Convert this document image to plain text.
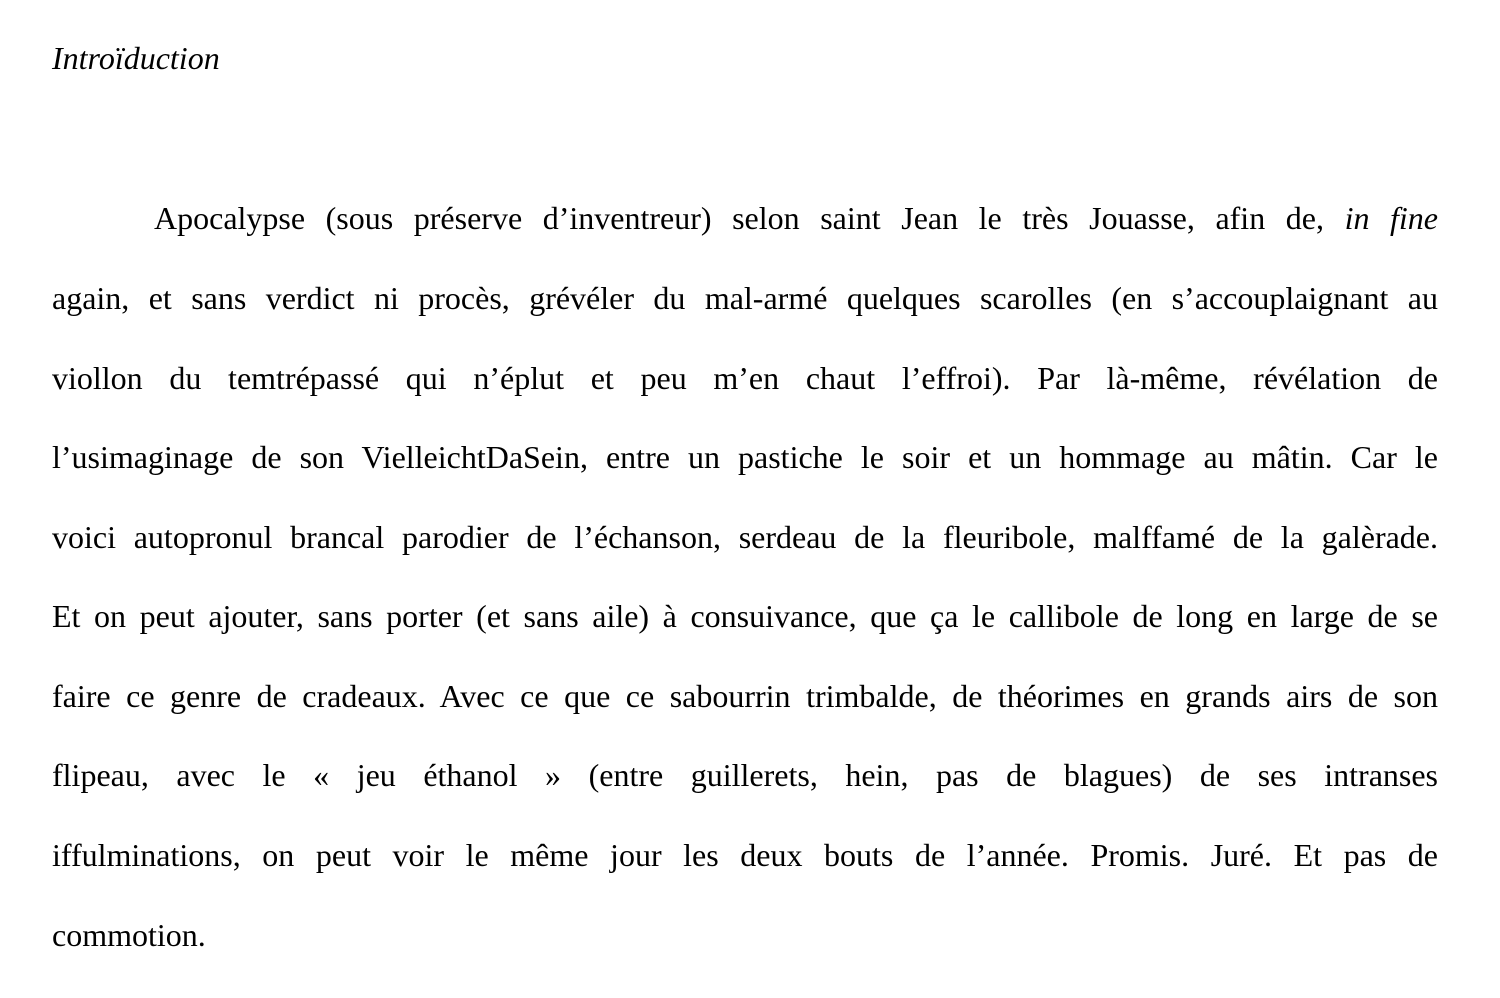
Introïduction
Apocalypse (sous préserve d’inventreur) selon saint Jean le très Jouasse, afin de, in fine
again, et sans verdict ni procès, grévéler du mal-armé quelques scarolles (en s’accouplaignant au
viollon du temtrépassé qui n’éplut et peu m’en chaut l’effroi). Par là-même, révélation de
l’usimaginage de son VielleichtDaSein, entre un pastiche le soir et un hommage au mâtin. Car le
voici autopronul brancal parodier de l’échanson, serdeau de la fleuribole, malffamé de la galèrade.
Et on peut ajouter, sans porter (et sans aile) à consuivance, que ça le callibole de long en large de se
faire ce genre de cradeaux. Avec ce que ce sabourrin trimbalde, de théorimes en grands airs de son
flipeau, avec le « jeu éthanol » (entre guillerets, hein, pas de blagues) de ses intranses
iffulminations, on peut voir le même jour les deux bouts de l’année. Promis. Juré. Et pas de
commotion.
